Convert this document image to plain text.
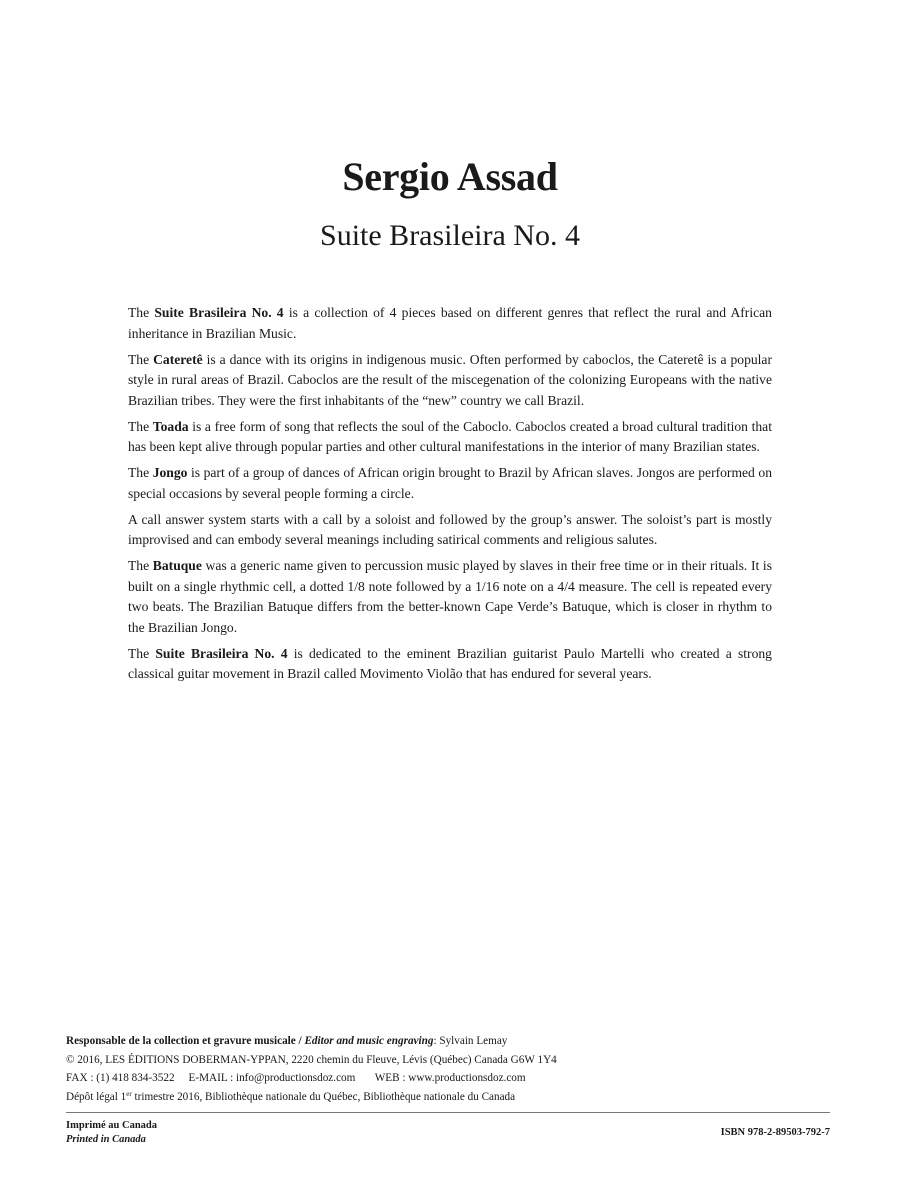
Sergio Assad
Suite Brasileira No. 4

The Suite Brasileira No. 4 is a collection of 4 pieces based on different genres that reflect the rural and African inheritance in Brazilian Music.

The Cateretê is a dance with its origins in indigenous music. Often performed by caboclos, the Cateretê is a popular style in rural areas of Brazil. Caboclos are the result of the miscegenation of the colonizing Europeans with the native Brazilian tribes. They were the first inhabitants of the “new” country we call Brazil.

The Toada is a free form of song that reflects the soul of the Caboclo. Caboclos created a broad cultural tradition that has been kept alive through popular parties and other cultural manifestations in the interior of many Brazilian states.

The Jongo is part of a group of dances of African origin brought to Brazil by African slaves. Jongos are performed on special occasions by several people forming a circle.

A call answer system starts with a call by a soloist and followed by the group’s answer. The soloist’s part is mostly improvised and can embody several meanings including satirical comments and religious salutes.

The Batuque was a generic name given to percussion music played by slaves in their free time or in their rituals. It is built on a single rhythmic cell, a dotted 1/8 note followed by a 1/16 note on a 4/4 measure. The cell is repeated every two beats. The Brazilian Batuque differs from the better-known Cape Verde’s Batuque, which is closer in rhythm to the Brazilian Jongo.

The Suite Brasileira No. 4 is dedicated to the eminent Brazilian guitarist Paulo Martelli who created a strong classical guitar movement in Brazil called Movimento Violão that has endured for several years.

Responsable de la collection et gravure musicale / Editor and music engraving: Sylvain Lemay
© 2016, LES ÉDITIONS DOBERMAN-YPPAN, 2220 chemin du Fleuve, Lévis (Québec) Canada G6W 1Y4
FAX : (1) 418 834-3522     E-MAIL : info@productionsdoz.com       WEB : www.productionsdoz.com
Dépôt légal 1er trimestre 2016, Bibliothèque nationale du Québec, Bibliothèque nationale du Canada
Imprimé au Canada
Printed in Canada
ISBN 978-2-89503-792-7
